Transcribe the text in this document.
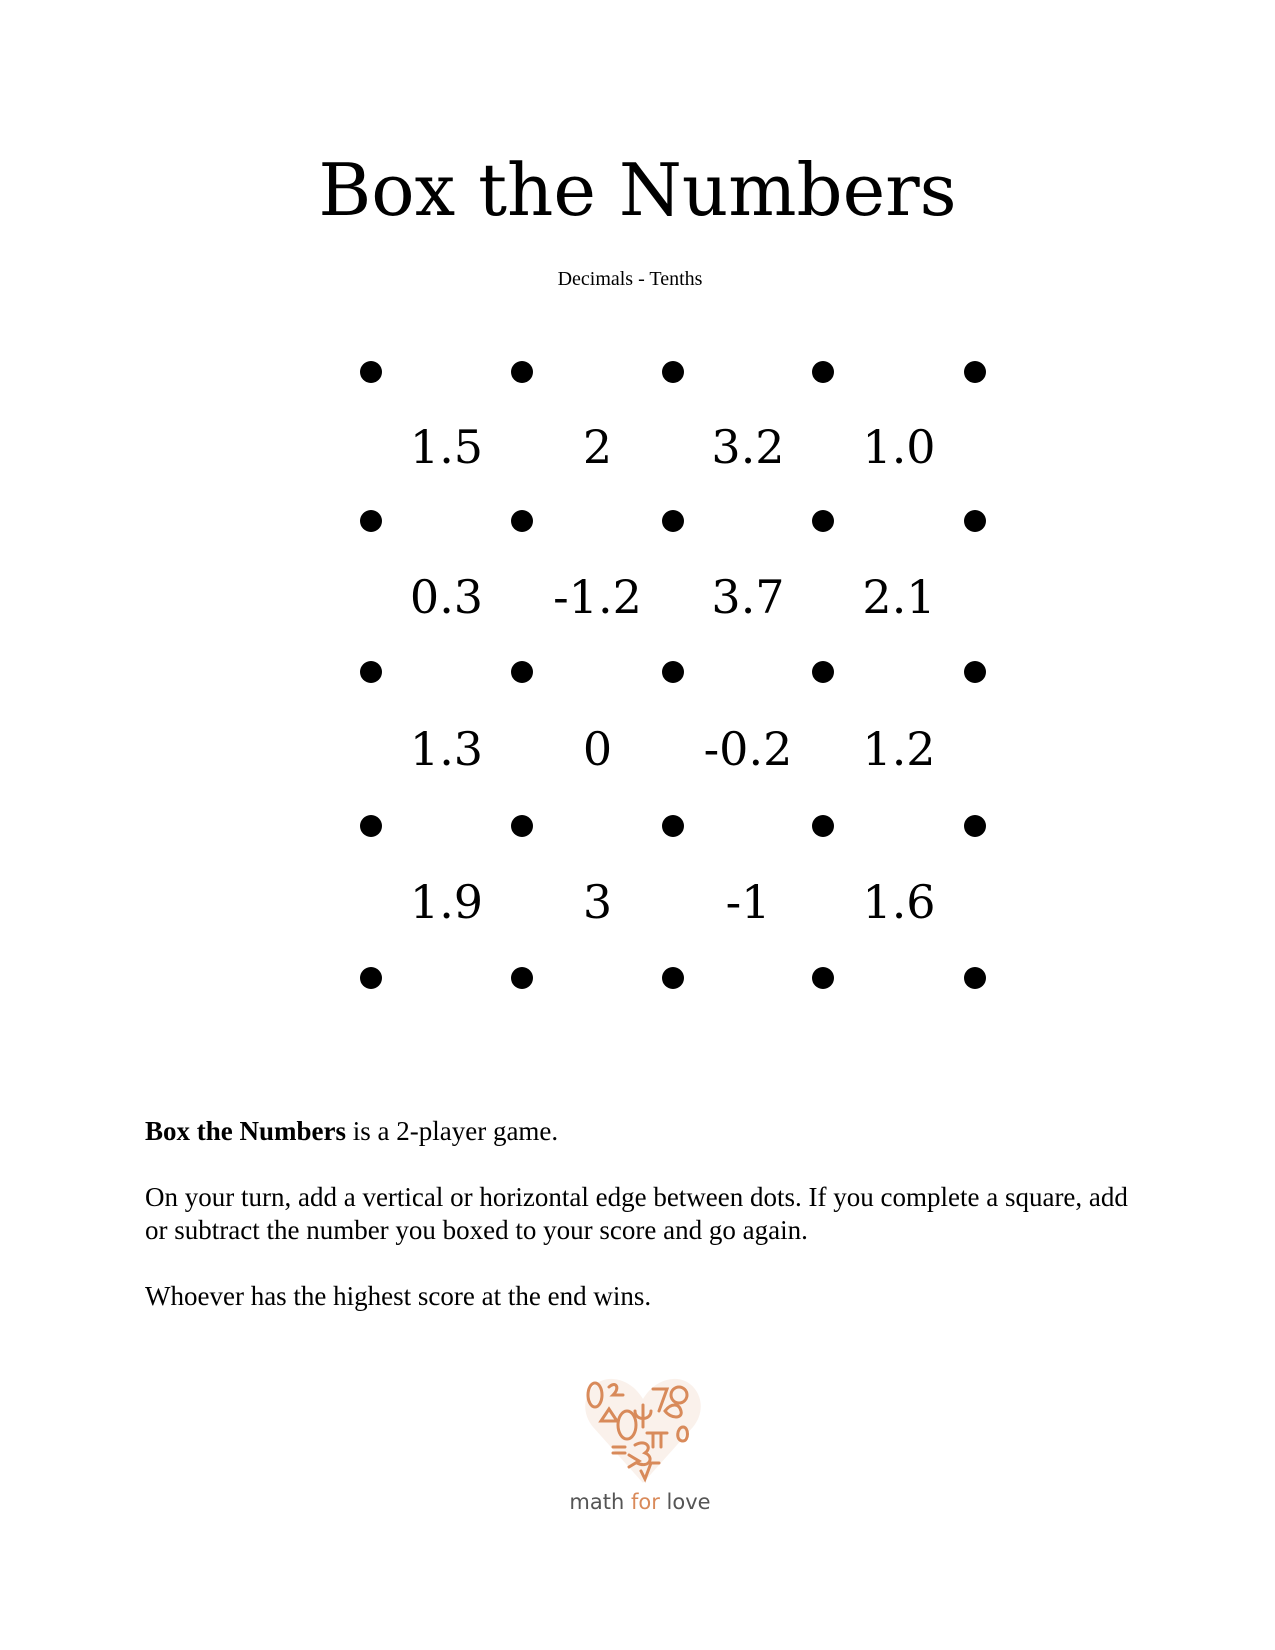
Box the Numbers
Decimals - Tenths
1.5	2	3.2	1.0
0.3	-1.2	3.7	2.1
1.3	0	-0.2	1.2
1.9	3	-1	1.6

Box the Numbers is a 2-player game.

On your turn, add a vertical or horizontal edge between dots. If you complete a square, add or subtract the number you boxed to your score and go again.

Whoever has the highest score at the end wins.

math for love
